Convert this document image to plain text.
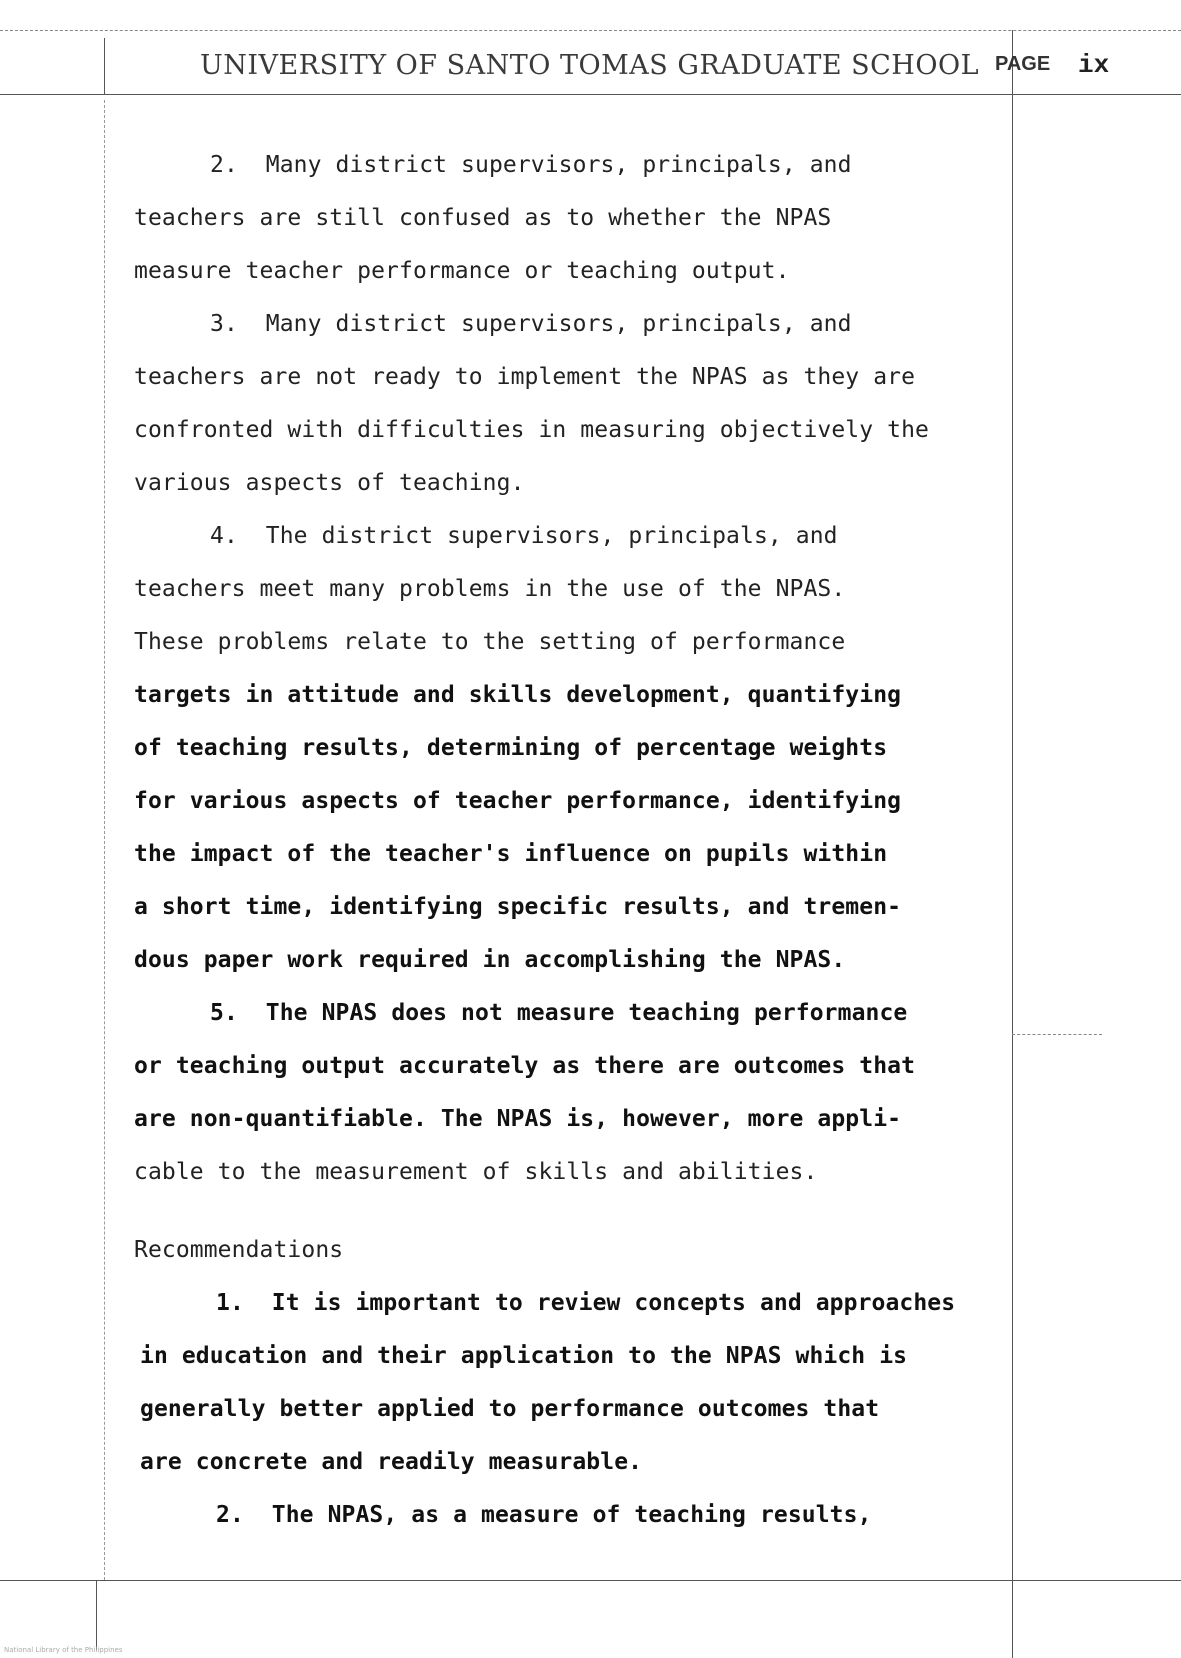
UNIVERSITY OF SANTO TOMAS GRADUATE SCHOOL PAGE ix
2.  Many district supervisors, principals, and
teachers are still confused as to whether the NPAS
measure teacher performance or teaching output.
3.  Many district supervisors, principals, and
teachers are not ready to implement the NPAS as they are
confronted with difficulties in measuring objectively the
various aspects of teaching.
4.  The district supervisors, principals, and
teachers meet many problems in the use of the NPAS.
These problems relate to the setting of performance
targets in attitude and skills development, quantifying
of teaching results, determining of percentage weights
for various aspects of teacher performance, identifying
the impact of the teacher's influence on pupils within
a short time, identifying specific results, and tremen-
dous paper work required in accomplishing the NPAS.
5.  The NPAS does not measure teaching performance
or teaching output accurately as there are outcomes that
are non-quantifiable. The NPAS is, however, more appli-
cable to the measurement of skills and abilities.
Recommendations
1.  It is important to review concepts and approaches
in education and their application to the NPAS which is
generally better applied to performance outcomes that
are concrete and readily measurable.
2.  The NPAS, as a measure of teaching results,
National Library of the Philippines
